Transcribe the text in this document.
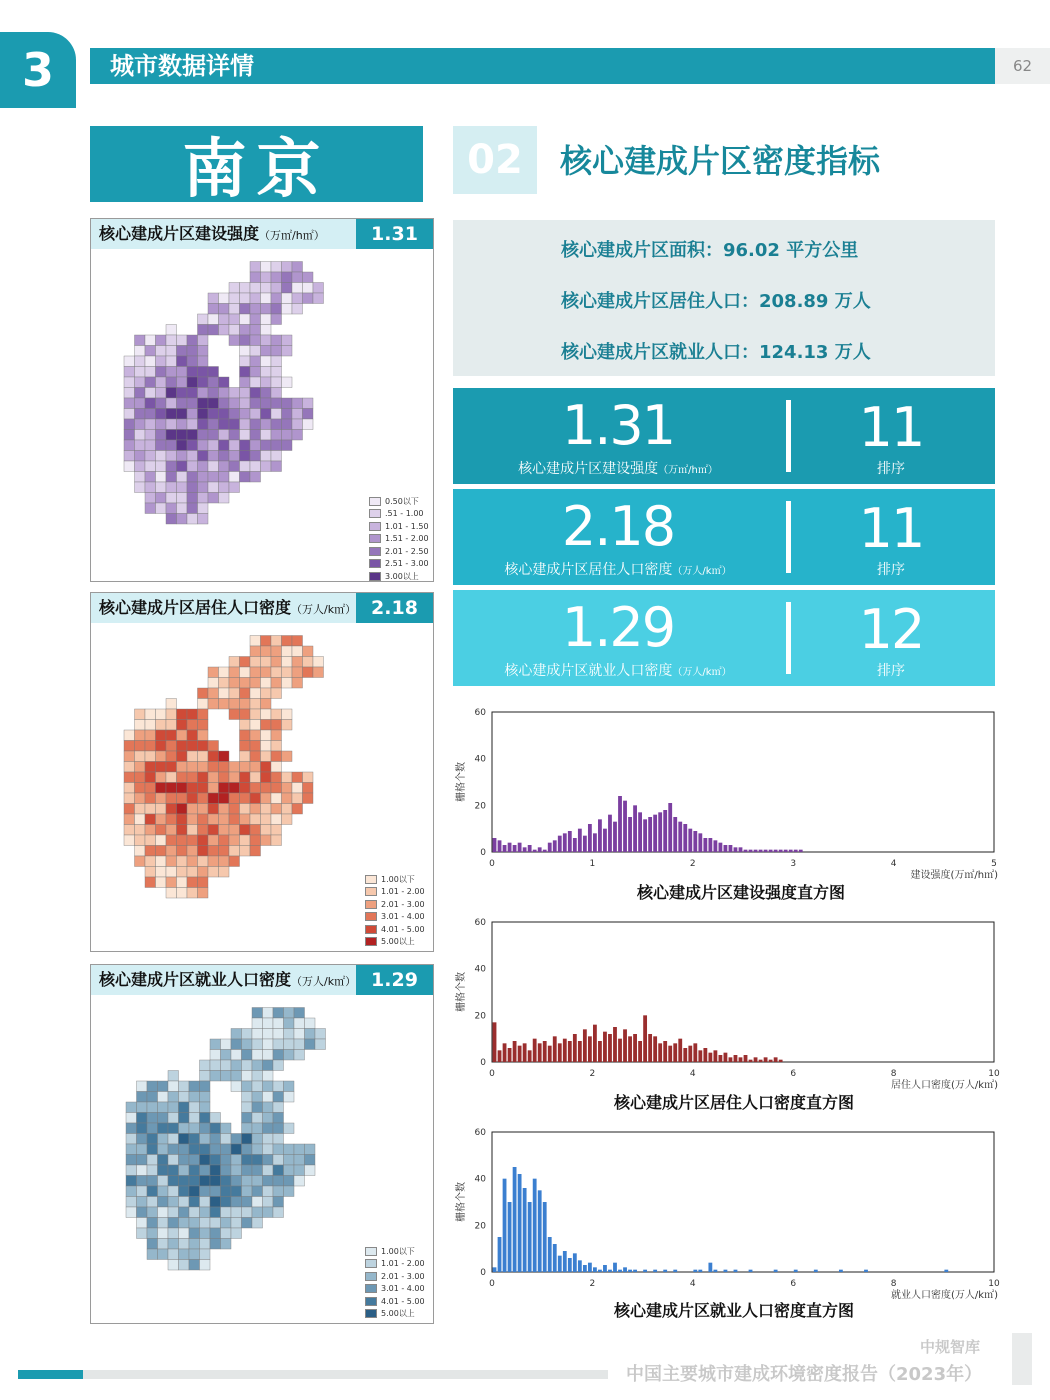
3	城市数据详情	62
南京	02	核心建成片区密度指标
核心建成片区建设强度（万㎡/h㎡）	1.31
0.50以下
.51 - 1.00
1.01 - 1.50
1.51 - 2.00
2.01 - 2.50
2.51 - 3.00
3.00以上
核心建成片区居住人口密度（万人/k㎡） 2.18
1.00以下
1.01 - 2.00
2.01 - 3.00
3.01 - 4.00
4.01 - 5.00
5.00以上
核心建成片区就业人口密度（万人/k㎡） 1.29
1.00以下
1.01 - 2.00
2.01 - 3.00
3.01 - 4.00
4.01 - 5.00
5.00以上
核心建成片区面积：96.02 平方公里
核心建成片区居住人口：208.89 万人
核心建成片区就业人口：124.13 万人
1.31
核心建成片区建设强度（万㎡/h㎡）
11
排序
2.18
核心建成片区居住人口密度（万人/k㎡）
11
排序
1.29
核心建成片区就业人口密度（万人/k㎡）
12
排序
0
20
40
60
0	1	2	3	4	5
栅格个数
建设强度(万㎡/h㎡)
核心建成片区建设强度直方图
0
20
40
60
0	2	4	6	8	10
栅格个数
居住人口密度(万人/k㎡)
核心建成片区居住人口密度直方图
0
20
40
60
0	2	4	6	8	10
栅格个数
就业人口密度(万人/k㎡)
核心建成片区就业人口密度直方图
中规智库
中国主要城市建成环境密度报告（2023年）
